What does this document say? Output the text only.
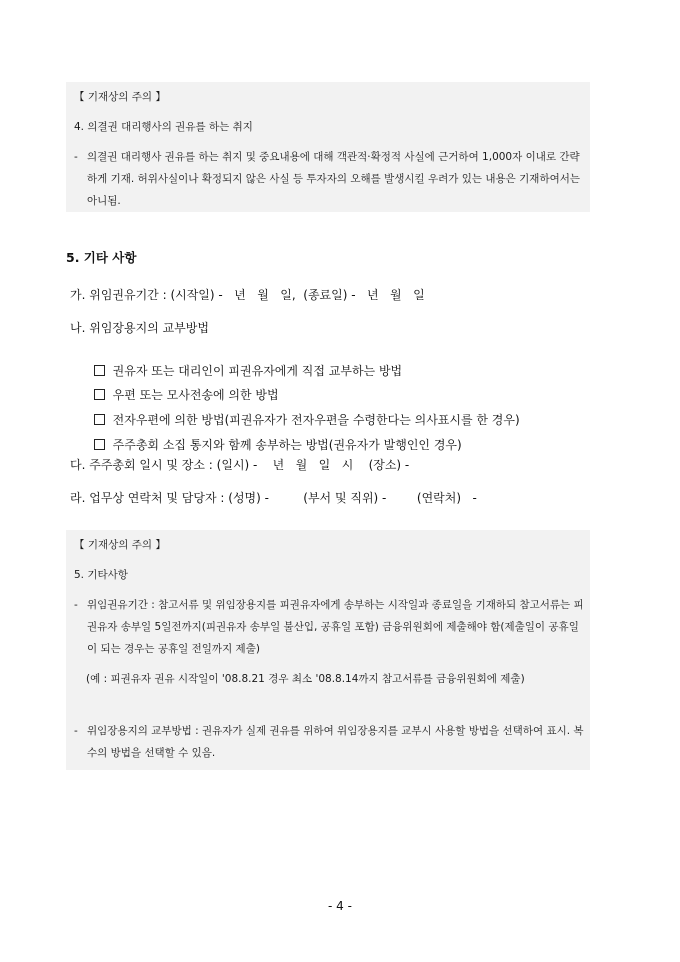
【 기재상의 주의 】
4. 의결권 대리행사의 권유를 하는 취지
- 의결권 대리행사 권유를 하는 취지 및 중요내용에 대해 객관적·확정적 사실에 근거하여 1,000자 이내로 간략하게 기재. 허위사실이나 확정되지 않은 사실 등 투자자의 오해를 발생시킬 우려가 있는 내용은 기재하여서는 아니됨.
5. 기타 사항
가. 위임권유기간 : (시작일) -   년   월   일,  (종료일) -   년   월   일
나. 위임장용지의 교부방법

권유자 또는 대리인이 피권유자에게 직접 교부하는 방법

우편 또는 모사전송에 의한 방법

전자우편에 의한 방법(피권유자가 전자우편을 수령한다는 의사표시를 한 경우)

주주총회 소집 통지와 함께 송부하는 방법(권유자가 발행인인 경우)

다. 주주총회 일시 및 장소 : (일시) -    년   월   일   시    (장소) -
라. 업무상 연락처 및 담당자 : (성명) -         (부서 및 직위) -        (연락처)   -
【 기재상의 주의 】
5. 기타사항
- 위임권유기간 : 참고서류 및 위임장용지를 피권유자에게 송부하는 시작일과 종료일을 기재하되 참고서류는 피권유자 송부일 5일전까지(피권유자 송부일 불산입, 공휴일 포함) 금융위원회에 제출해야 함(제출일이 공휴일이 되는 경우는 공휴일 전일까지 제출)
(예 : 피권유자 권유 시작일이 '08.8.21 경우 최소 '08.8.14까지 참고서류를 금융위원회에 제출)
- 위임장용지의 교부방법 : 권유자가 실제 권유를 위하여 위임장용지를 교부시 사용할 방법을 선택하여 표시. 복수의 방법을 선택할 수 있음.
- 4 -
